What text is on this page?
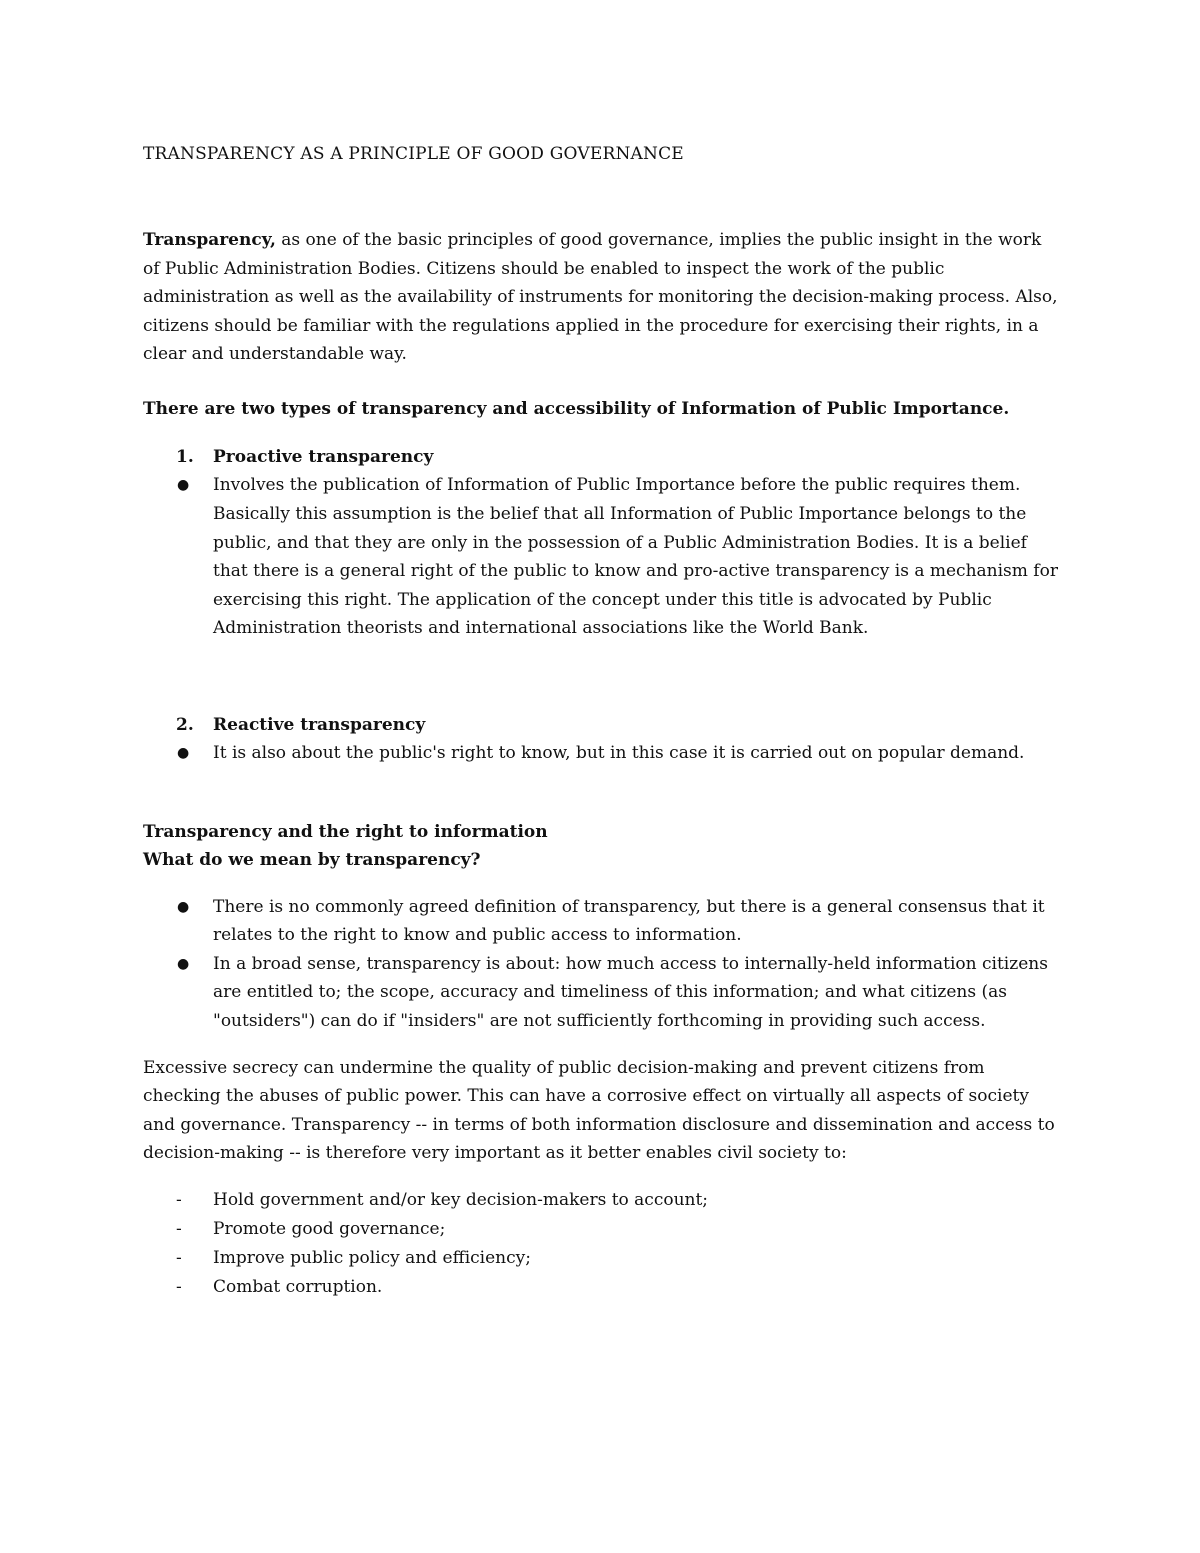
TRANSPARENCY AS A PRINCIPLE OF GOOD GOVERNANCE

Transparency, as one of the basic principles of good governance, implies the public insight in the work of Public Administration Bodies. Citizens should be enabled to inspect the work of the public administration as well as the availability of instruments for monitoring the decision-making process. Also, citizens should be familiar with the regulations applied in the procedure for exercising their rights, in a clear and understandable way.

There are two types of transparency and accessibility of Information of Public Importance.

1. Proactive transparency
● Involves the publication of Information of Public Importance before the public requires them. Basically this assumption is the belief that all Information of Public Importance belongs to the public, and that they are only in the possession of a Public Administration Bodies. It is a belief that there is a general right of the public to know and pro-active transparency is a mechanism for exercising this right. The application of the concept under this title is advocated by Public Administration theorists and international associations like the World Bank.
2. Reactive transparency
● It is also about the public's right to know, but in this case it is carried out on popular demand.

Transparency and the right to information

What do we mean by transparency?

● There is no commonly agreed definition of transparency, but there is a general consensus that it relates to the right to know and public access to information.
● In a broad sense, transparency is about: how much access to internally-held information citizens are entitled to; the scope, accuracy and timeliness of this information; and what citizens (as "outsiders") can do if "insiders" are not sufficiently forthcoming in providing such access.

Excessive secrecy can undermine the quality of public decision-making and prevent citizens from checking the abuses of public power. This can have a corrosive effect on virtually all aspects of society and governance. Transparency -- in terms of both information disclosure and dissemination and access to decision-making -- is therefore very important as it better enables civil society to:

- Hold government and/or key decision-makers to account;
- Promote good governance;
- Improve public policy and efficiency;
- Combat corruption.
